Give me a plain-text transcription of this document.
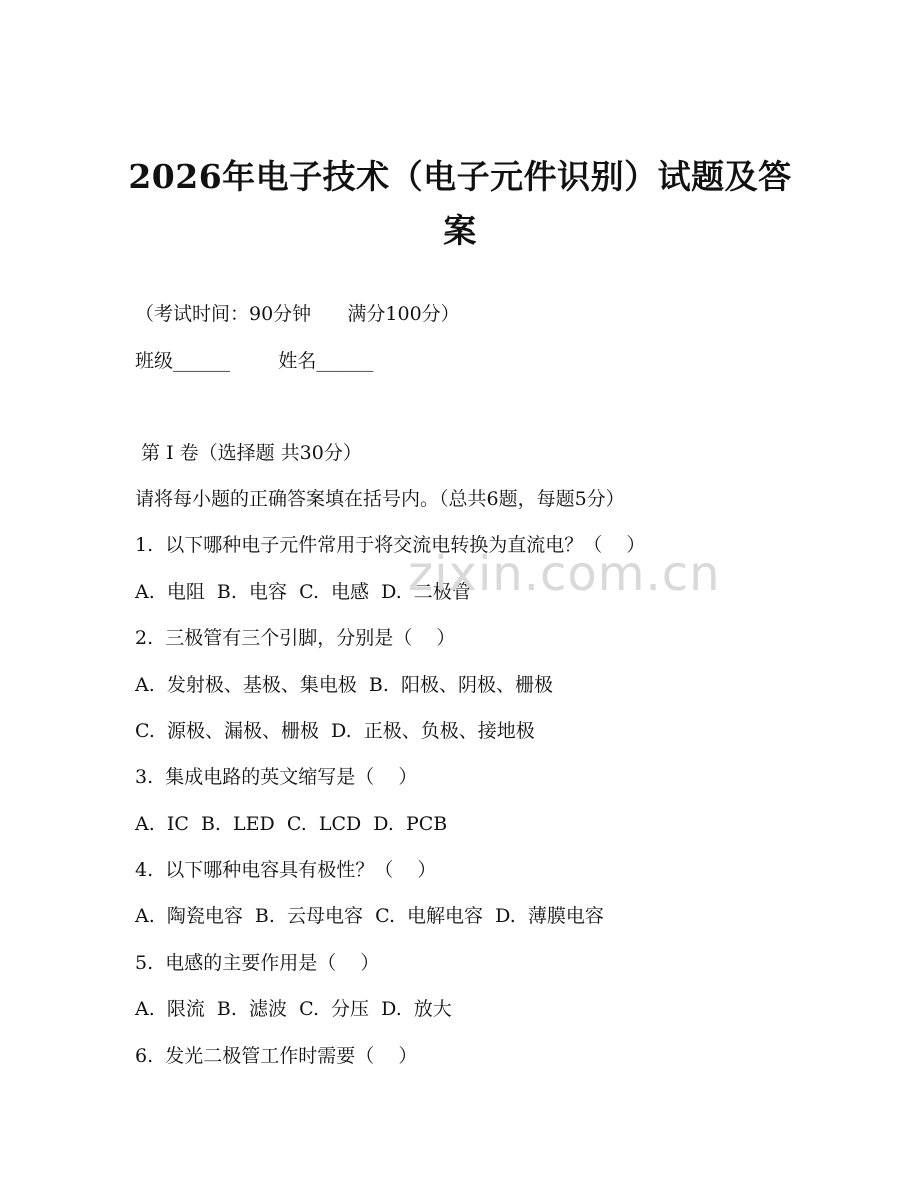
2026年电子技术（电子元件识别）试题及答
案
（考试时间：90分钟      满分100分）
班级______        姓名______
第 I 卷（选择题 共30分）
请将每小题的正确答案填在括号内。（总共6题，每题5分）
1.  以下哪种电子元件常用于将交流电转换为直流电？（    ）
A.  电阻  B.  电容  C.  电感  D.  二极管
2.  三极管有三个引脚，分别是（    ）
A.  发射极、基极、集电极  B.  阳极、阴极、栅极
C.  源极、漏极、栅极  D.  正极、负极、接地极
3.  集成电路的英文缩写是（    ）
A.  IC  B.  LED  C.  LCD  D.  PCB
4.  以下哪种电容具有极性？（    ）
A.  陶瓷电容  B.  云母电容  C.  电解电容  D.  薄膜电容
5.  电感的主要作用是（    ）
A.  限流  B.  滤波  C.  分压  D.  放大
6.  发光二极管工作时需要（    ）
zixin.com.cn
